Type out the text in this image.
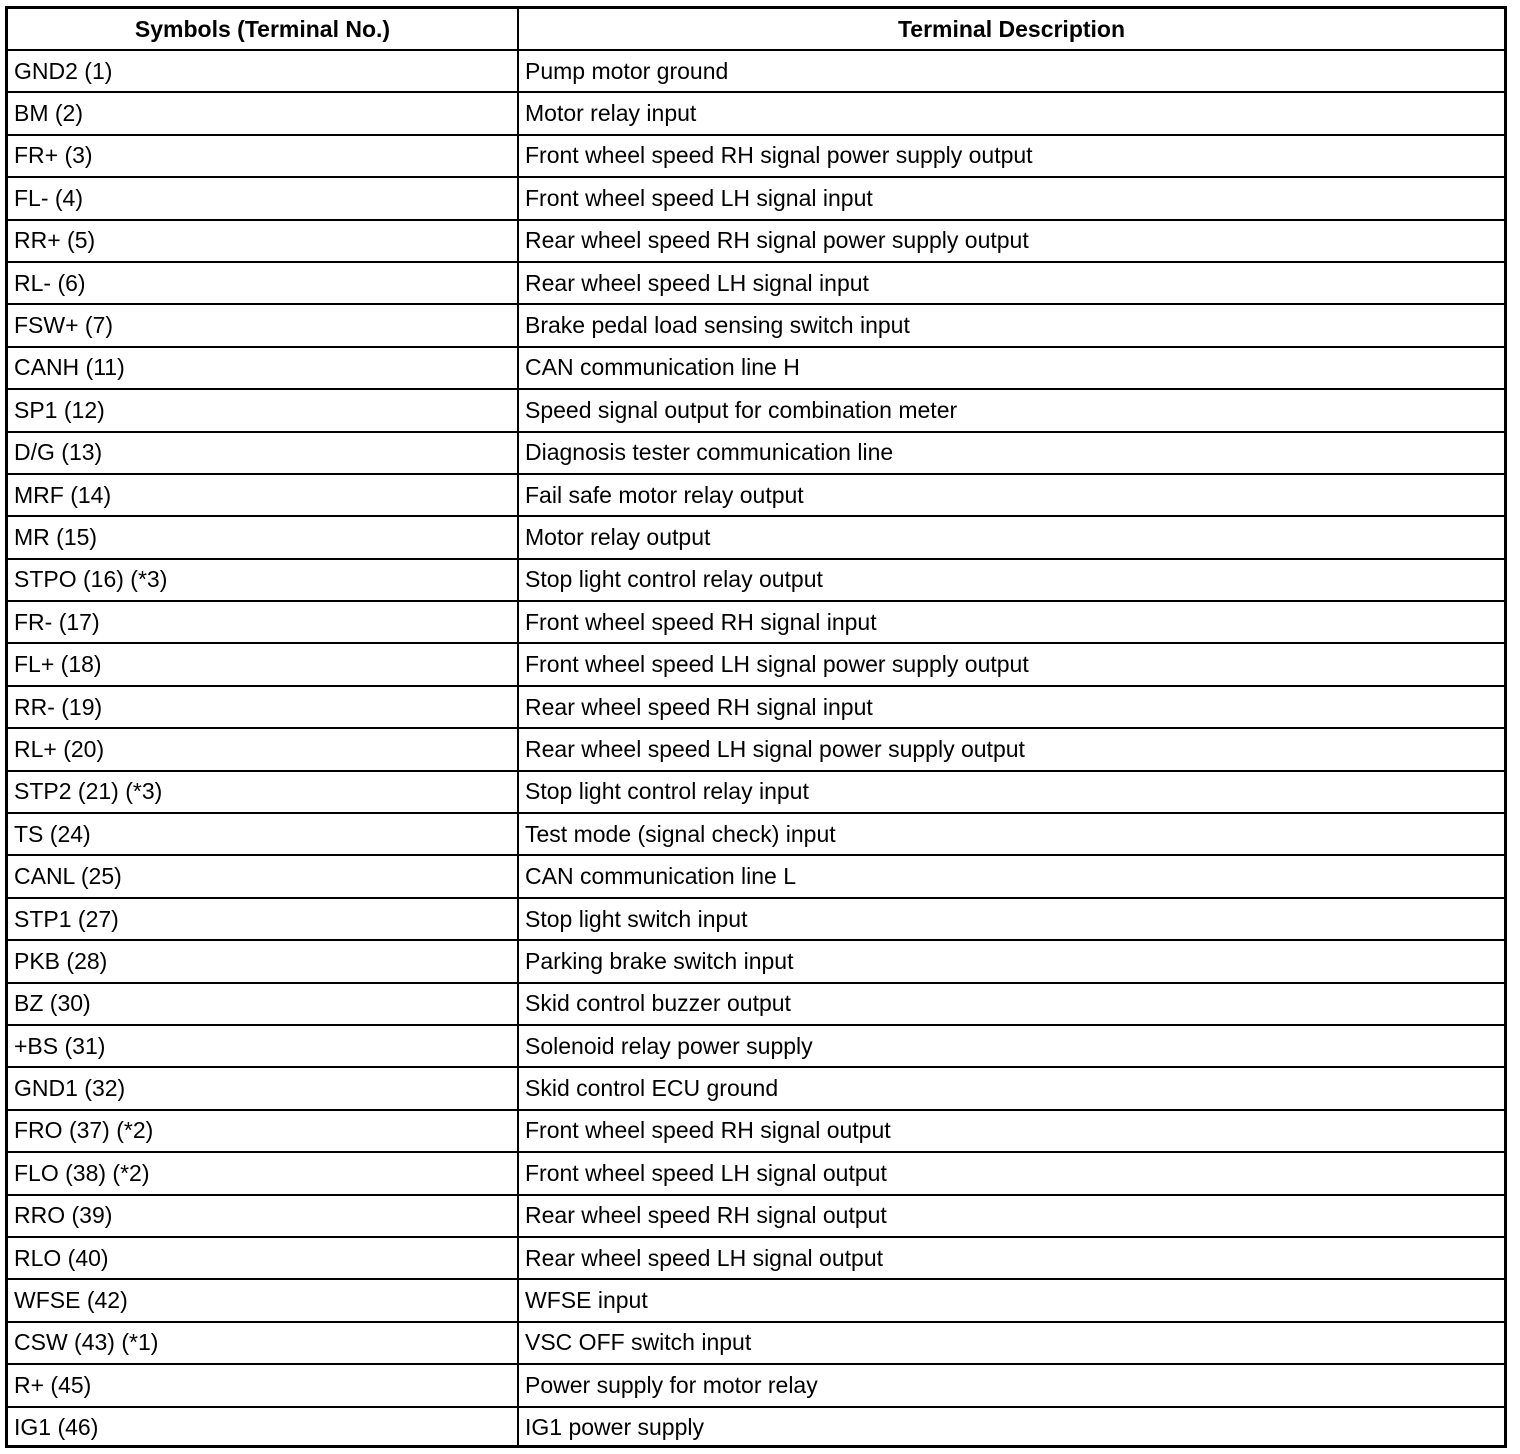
Symbols (Terminal No.)	Terminal Description
GND2 (1)	Pump motor ground
BM (2)	Motor relay input
FR+ (3)	Front wheel speed RH signal power supply output
FL- (4)	Front wheel speed LH signal input
RR+ (5)	Rear wheel speed RH signal power supply output
RL- (6)	Rear wheel speed LH signal input
FSW+ (7)	Brake pedal load sensing switch input
CANH (11)	CAN communication line H
SP1 (12)	Speed signal output for combination meter
D/G (13)	Diagnosis tester communication line
MRF (14)	Fail safe motor relay output
MR (15)	Motor relay output
STPO (16) (*3)	Stop light control relay output
FR- (17)	Front wheel speed RH signal input
FL+ (18)	Front wheel speed LH signal power supply output
RR- (19)	Rear wheel speed RH signal input
RL+ (20)	Rear wheel speed LH signal power supply output
STP2 (21) (*3)	Stop light control relay input
TS (24)	Test mode (signal check) input
CANL (25)	CAN communication line L
STP1 (27)	Stop light switch input
PKB (28)	Parking brake switch input
BZ (30)	Skid control buzzer output
+BS (31)	Solenoid relay power supply
GND1 (32)	Skid control ECU ground
FRO (37) (*2)	Front wheel speed RH signal output
FLO (38) (*2)	Front wheel speed LH signal output
RRO (39)	Rear wheel speed RH signal output
RLO (40)	Rear wheel speed LH signal output
WFSE (42)	WFSE input
CSW (43) (*1)	VSC OFF switch input
R+ (45)	Power supply for motor relay
IG1 (46)	IG1 power supply
